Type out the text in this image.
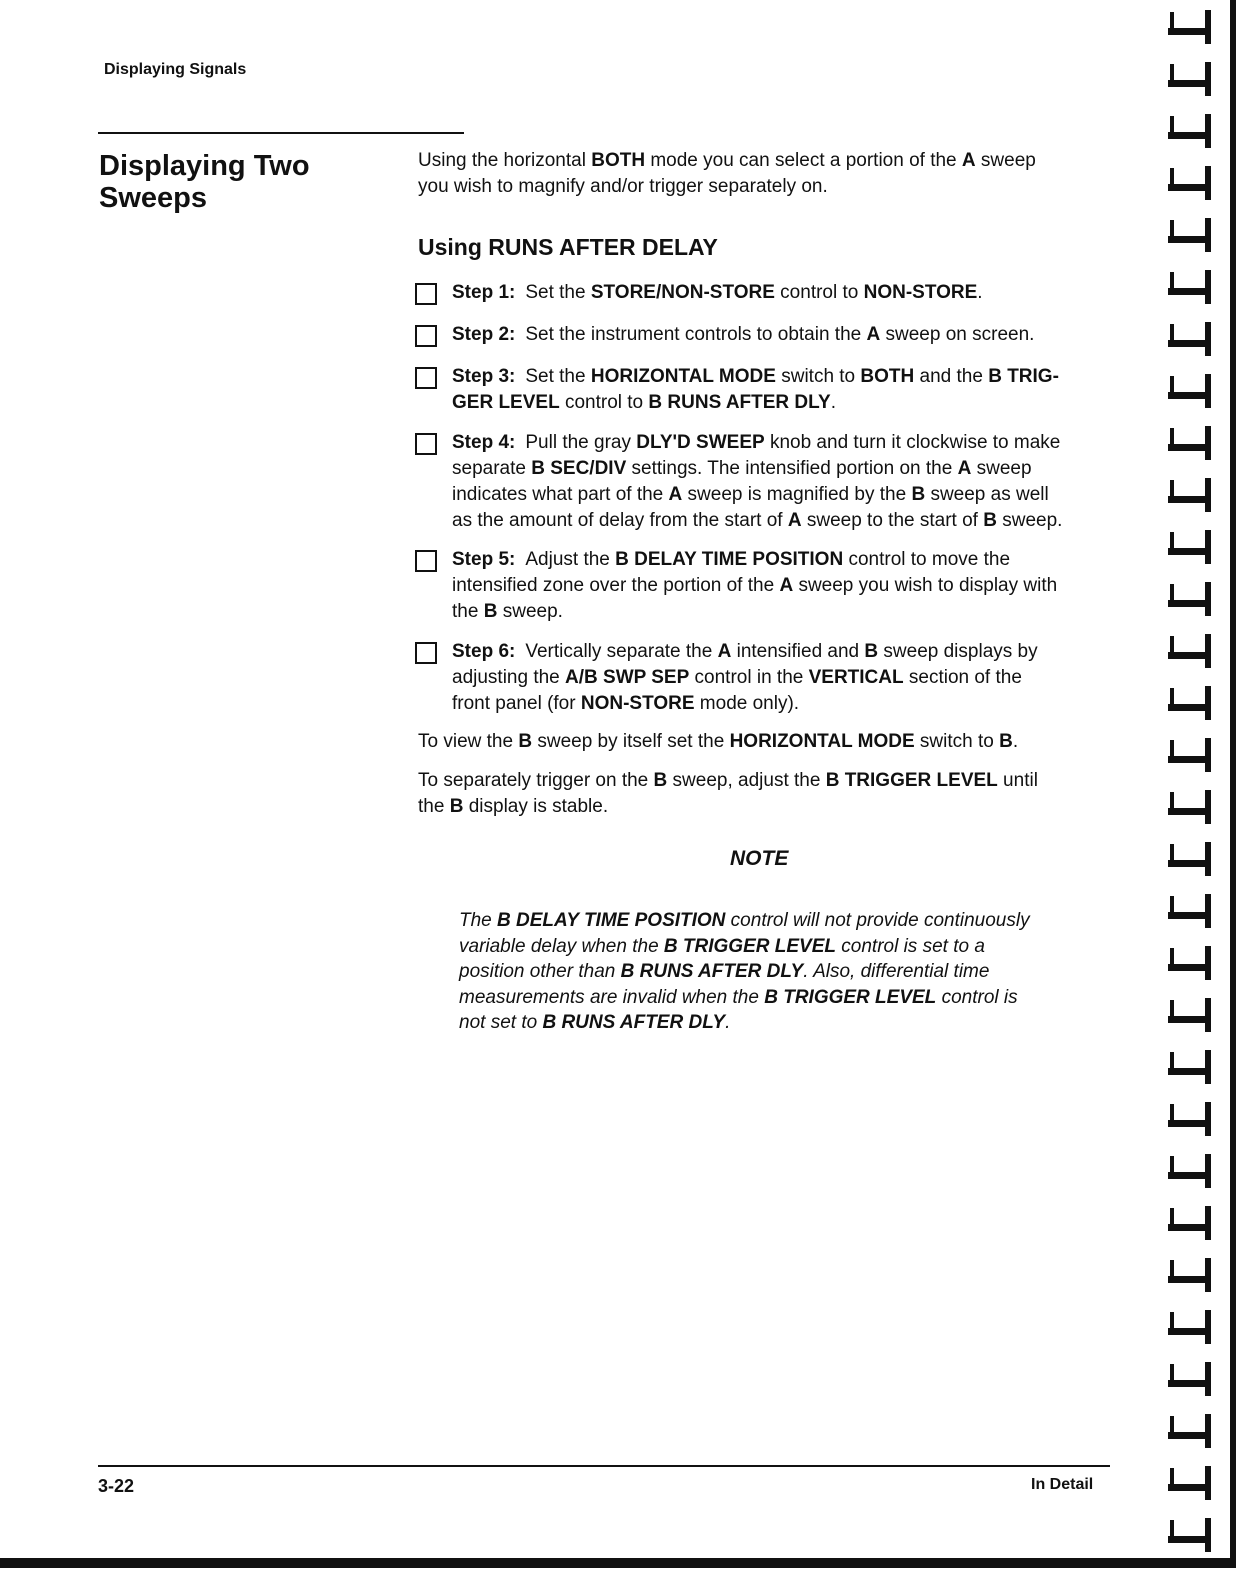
Displaying Signals
Displaying Two Sweeps
Using the horizontal BOTH mode you can select a portion of the A sweep
you wish to magnify and/or trigger separately on.
Using RUNS AFTER DELAY
Step 1: Set the STORE/NON-STORE control to NON-STORE.
Step 2: Set the instrument controls to obtain the A sweep on screen.
Step 3: Set the HORIZONTAL MODE switch to BOTH and the B TRIG-
GER LEVEL control to B RUNS AFTER DLY.
Step 4: Pull the gray DLY'D SWEEP knob and turn it clockwise to make
separate B SEC/DIV settings. The intensified portion on the A sweep
indicates what part of the A sweep is magnified by the B sweep as well
as the amount of delay from the start of A sweep to the start of B sweep.
Step 5: Adjust the B DELAY TIME POSITION control to move the
intensified zone over the portion of the A sweep you wish to display with
the B sweep.
Step 6: Vertically separate the A intensified and B sweep displays by
adjusting the A/B SWP SEP control in the VERTICAL section of the
front panel (for NON-STORE mode only).
To view the B sweep by itself set the HORIZONTAL MODE switch to B.
To separately trigger on the B sweep, adjust the B TRIGGER LEVEL until
the B display is stable.
NOTE
The B DELAY TIME POSITION control will not provide continuously
variable delay when the B TRIGGER LEVEL control is set to a
position other than B RUNS AFTER DLY. Also, differential time
measurements are invalid when the B TRIGGER LEVEL control is
not set to B RUNS AFTER DLY.
3-22	In Detail
